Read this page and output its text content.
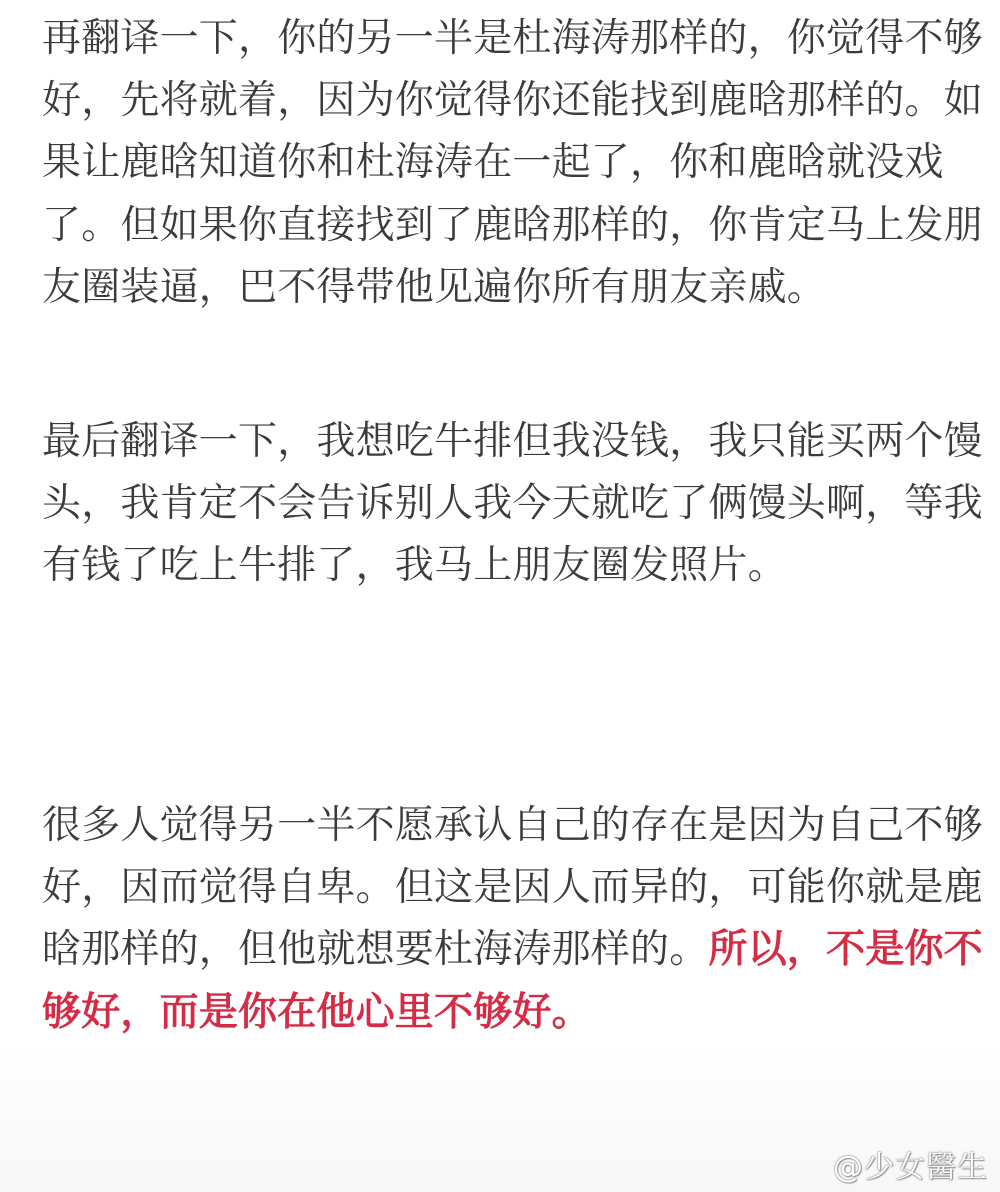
再翻译一下，你的另一半是杜海涛那样的，你觉得不够
好，先将就着，因为你觉得你还能找到鹿晗那样的。如
果让鹿晗知道你和杜海涛在一起了，你和鹿晗就没戏
了。但如果你直接找到了鹿晗那样的，你肯定马上发朋
友圈装逼，巴不得带他见遍你所有朋友亲戚。

最后翻译一下，我想吃牛排但我没钱，我只能买两个馒
头，我肯定不会告诉别人我今天就吃了俩馒头啊，等我
有钱了吃上牛排了，我马上朋友圈发照片。

很多人觉得另一半不愿承认自己的存在是因为自己不够
好，因而觉得自卑。但这是因人而异的，可能你就是鹿
晗那样的，但他就想要杜海涛那样的。所以，不是你不
够好，而是你在他心里不够好。

@少女醫生
